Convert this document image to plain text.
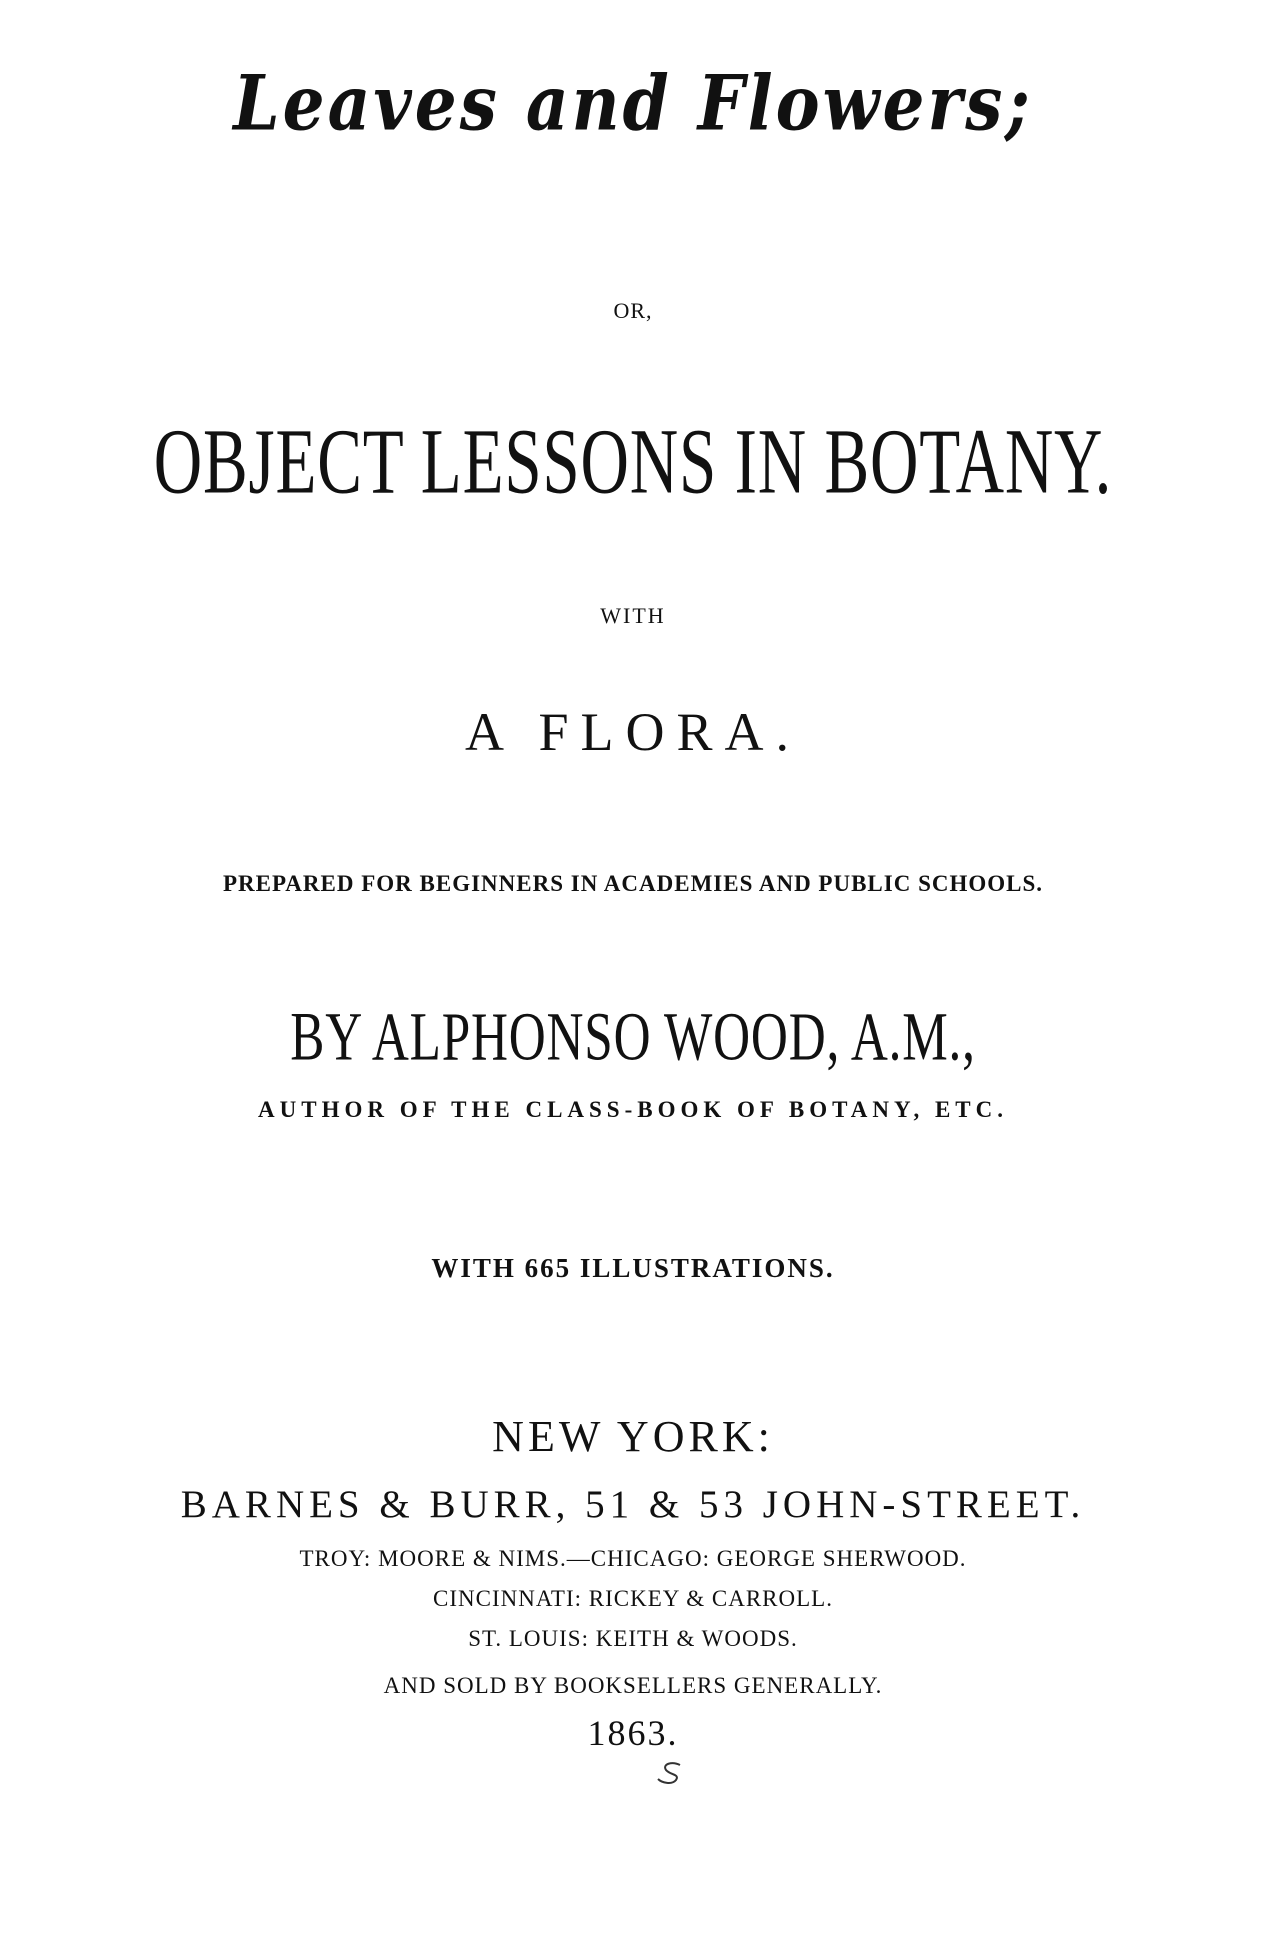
Leaves and Flowers;
OR,
OBJECT LESSONS IN BOTANY.
WITH
A FLORA.
PREPARED FOR BEGINNERS IN ACADEMIES AND PUBLIC SCHOOLS.
BY ALPHONSO WOOD, A.M.,
AUTHOR OF THE CLASS-BOOK OF BOTANY, ETC.
WITH 665 ILLUSTRATIONS.
NEW YORK:
BARNES & BURR, 51 & 53 JOHN-STREET.
TROY: MOORE & NIMS.—CHICAGO: GEORGE SHERWOOD.
CINCINNATI: RICKEY & CARROLL.
ST. LOUIS: KEITH & WOODS.
AND SOLD BY BOOKSELLERS GENERALLY.
1863.
